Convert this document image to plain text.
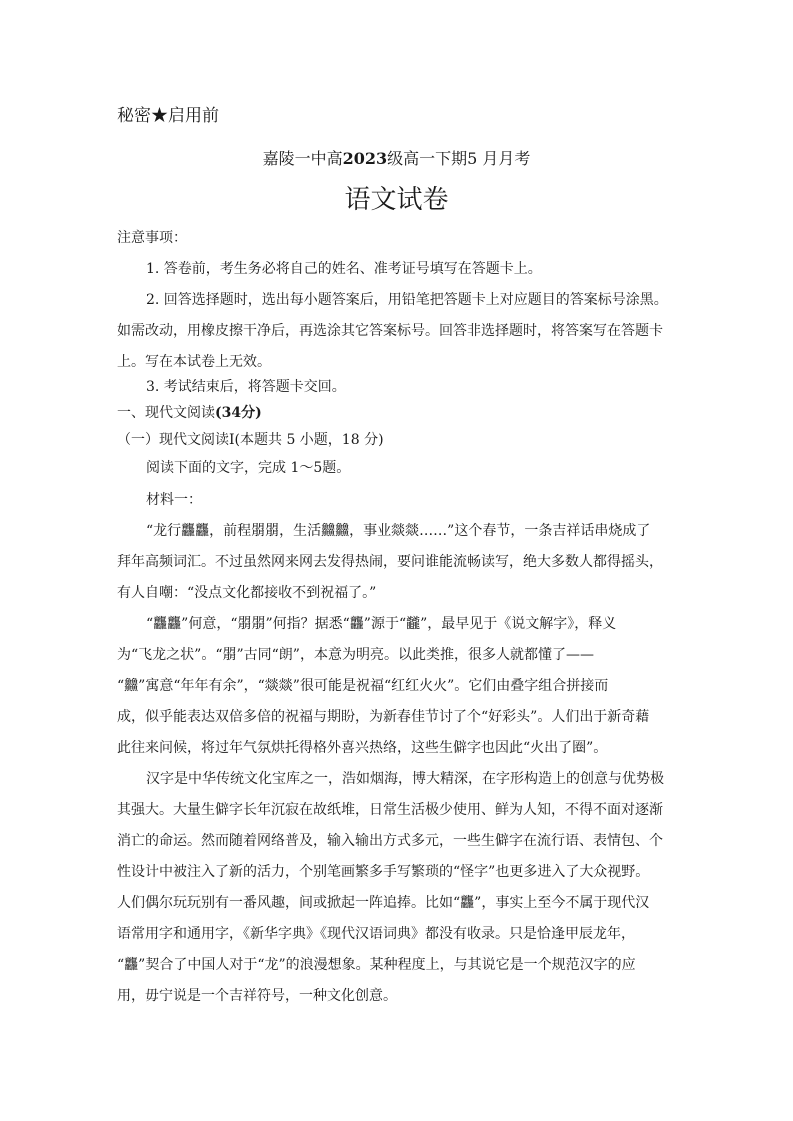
秘密★启用前
嘉陵一中高2023级高一下期5 月月考
语文试卷
注意事项：
1. 答卷前，考生务必将自己的姓名、准考证号填写在答题卡上。
2. 回答选择题时，选出每小题答案后，用铅笔把答题卡上对应题目的答案标号涂黑。
如需改动，用橡皮擦干净后，再选涂其它答案标号。回答非选择题时，将答案写在答题卡
上。写在本试卷上无效。
3. 考试结束后，将答题卡交回。
一、现代文阅读(34分)
（一）现代文阅读Ⅰ(本题共 5 小题，18 分)
阅读下面的文字，完成 1～5题。
材料一：
“龙行龘龘，前程朤朤，生活䲜䲜，事业燚燚……”这个春节，一条吉祥话串烧成了
拜年高频词汇。不过虽然网来网去发得热闹，要问谁能流畅读写，绝大多数人都得摇头，
有人自嘲：“没点文化都接收不到祝福了。”
“龘龘”何意，“朤朤”何指？据悉“龘”源于“龖”，最早见于《说文解字》，释义
为“飞龙之状”。“朤”古同“朗”，本意为明亮。以此类推，很多人就都懂了——
“䲜”寓意“年年有余”，“燚燚”很可能是祝福“红红火火”。它们由叠字组合拼接而
成，似乎能表达双倍多倍的祝福与期盼，为新春佳节讨了个“好彩头”。人们出于新奇藉
此往来问候，将过年气氛烘托得格外喜兴热络，这些生僻字也因此“火出了圈”。
汉字是中华传统文化宝库之一，浩如烟海，博大精深，在字形构造上的创意与优势极
其强大。大量生僻字长年沉寂在故纸堆，日常生活极少使用、鲜为人知，不得不面对逐渐
消亡的命运。然而随着网络普及，输入输出方式多元，一些生僻字在流行语、表情包、个
性设计中被注入了新的活力，个别笔画繁多手写繁琐的“怪字”也更多进入了大众视野。
人们偶尔玩玩别有一番风趣，间或掀起一阵追捧。比如“龘”，事实上至今不属于现代汉
语常用字和通用字，《新华字典》《现代汉语词典》都没有收录。只是恰逢甲辰龙年，
“龘”契合了中国人对于“龙”的浪漫想象。某种程度上，与其说它是一个规范汉字的应
用，毋宁说是一个吉祥符号，一种文化创意。
